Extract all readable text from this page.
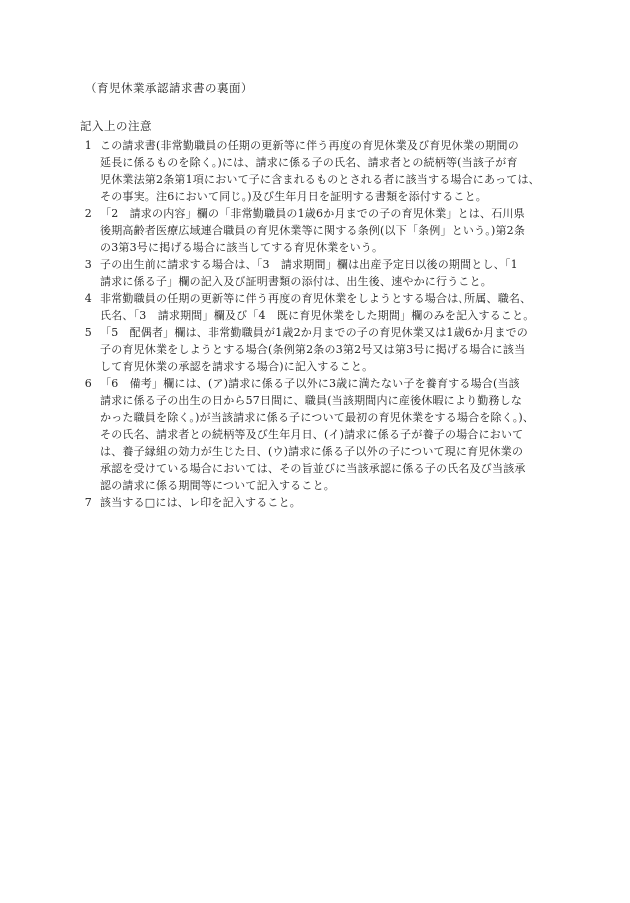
（育児休業承認請求書の裏面）
記入上の注意
1 この請求書(非常勤職員の任期の更新等に伴う再度の育児休業及び育児休業の期間の
延長に係るものを除く。)には、請求に係る子の氏名、請求者との続柄等(当該子が育
児休業法第2条第1項において子に含まれるものとされる者に該当する場合にあっては、
その事実。注6において同じ。)及び生年月日を証明する書類を添付すること。
2 「2　請求の内容」欄の「非常勤職員の1歳6か月までの子の育児休業」とは、石川県
後期高齢者医療広域連合職員の育児休業等に関する条例(以下「条例」という。)第2条
の3第3号に掲げる場合に該当してする育児休業をいう。
3 子の出生前に請求する場合は、「3　請求期間」欄は出産予定日以後の期間とし、「1
請求に係る子」欄の記入及び証明書類の添付は、出生後、速やかに行うこと。
4 非常勤職員の任期の更新等に伴う再度の育児休業をしようとする場合は､所属、職名、
氏名、「3　請求期間」欄及び「4　既に育児休業をした期間」欄のみを記入すること。
5 「5　配偶者」欄は、非常勤職員が1歳2か月までの子の育児休業又は1歳6か月までの
子の育児休業をしようとする場合(条例第2条の3第2号又は第3号に掲げる場合に該当
して育児休業の承認を請求する場合)に記入すること。
6 「6　備考」欄には、(ア)請求に係る子以外に3歳に満たない子を養育する場合(当該
請求に係る子の出生の日から57日間に、職員(当該期間内に産後休暇により勤務しな
かった職員を除く。)が当該請求に係る子について最初の育児休業をする場合を除く。)、
その氏名、請求者との続柄等及び生年月日、(イ)請求に係る子が養子の場合において
は、養子縁組の効力が生じた日、(ウ)請求に係る子以外の子について現に育児休業の
承認を受けている場合においては、その旨並びに当該承認に係る子の氏名及び当該承
認の請求に係る期間等について記入すること。
7 該当する□には、レ印を記入すること。
